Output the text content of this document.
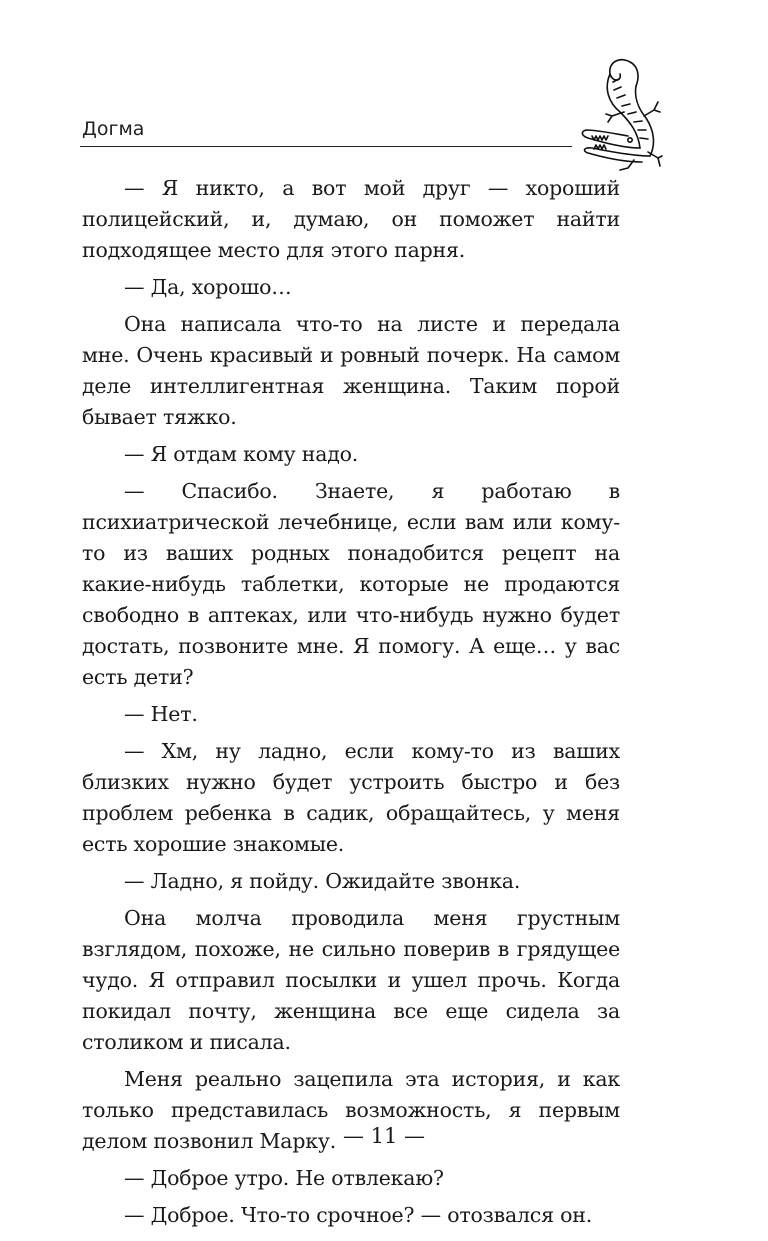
Догма

— Я никто, а вот мой друг — хороший полицейский, и, думаю, он поможет найти подходящее место для этого парня.

— Да, хорошо…

Она написала что-то на листе и передала мне. Очень красивый и ровный почерк. На самом деле интеллигентная женщина. Таким порой бывает тяжко.

— Я отдам кому надо.

— Спасибо. Знаете, я работаю в психиатрической лечебнице, если вам или кому-то из ваших родных понадобится рецепт на какие-нибудь таблетки, которые не продаются свободно в аптеках, или что-нибудь нужно будет достать, позвоните мне. Я помогу. А еще… у вас есть дети?

— Нет.

— Хм, ну ладно, если кому-то из ваших близких нужно будет устроить быстро и без проблем ребенка в садик, обращайтесь, у меня есть хорошие знакомые.

— Ладно, я пойду. Ожидайте звонка.

Она молча проводила меня грустным взглядом, похоже, не сильно поверив в грядущее чудо. Я отправил посылки и ушел прочь. Когда покидал почту, женщина все еще сидела за столиком и писала.

Меня реально зацепила эта история, и как только представилась возможность, я первым делом позвонил Марку.

— Доброе утро. Не отвлекаю?

— Доброе. Что-то срочное? — отозвался он.

— 11 —
